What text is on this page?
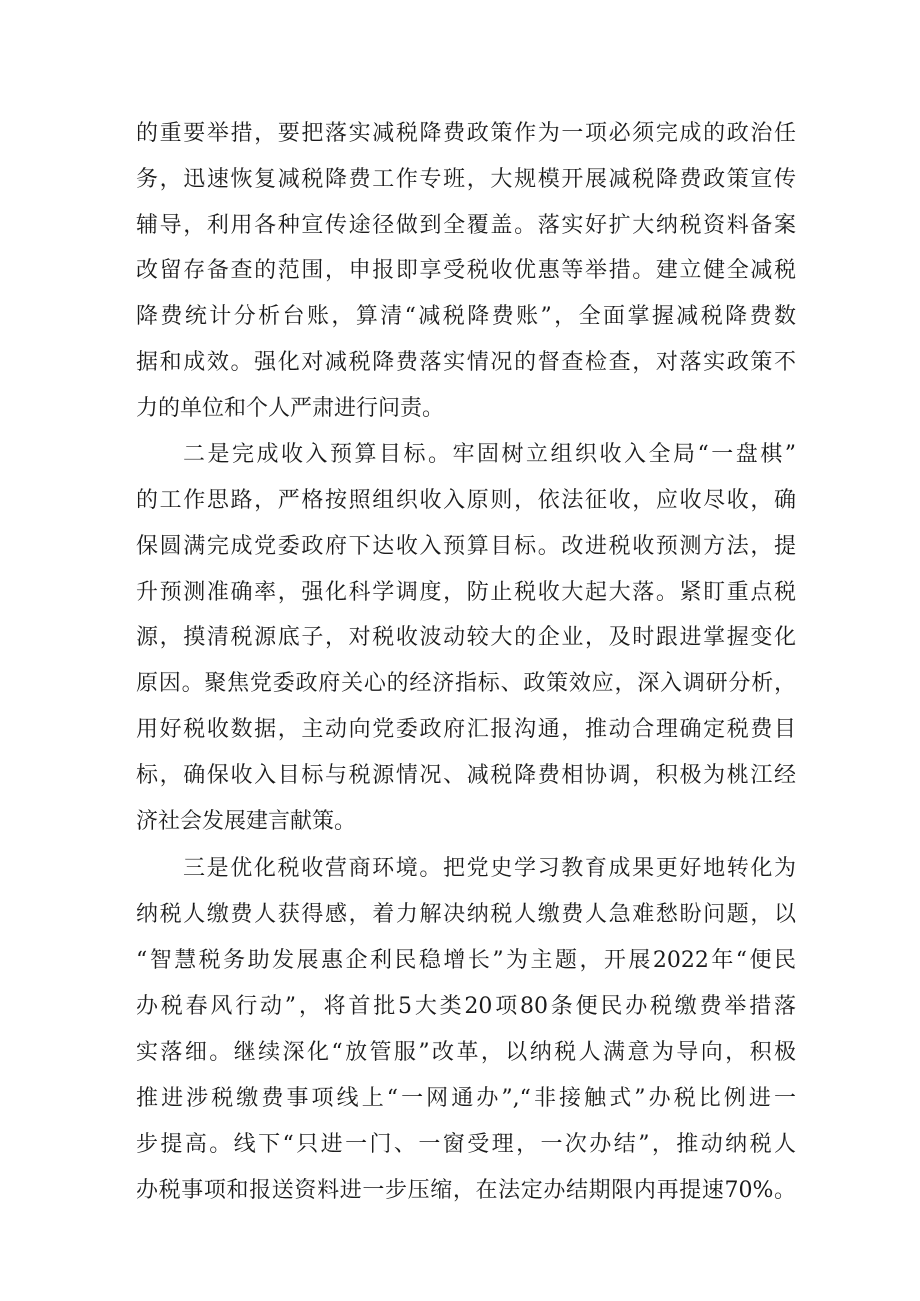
的重要举措，要把落实减税降费政策作为一项必须完成的政治任
务，迅速恢复减税降费工作专班，大规模开展减税降费政策宣传
辅导，利用各种宣传途径做到全覆盖。落实好扩大纳税资料备案
改留存备查的范围，申报即享受税收优惠等举措。建立健全减税
降费统计分析台账，算清“减税降费账”，全面掌握减税降费数
据和成效。强化对减税降费落实情况的督查检查，对落实政策不
力的单位和个人严肃进行问责。
二是完成收入预算目标。牢固树立组织收入全局“一盘棋”
的工作思路，严格按照组织收入原则，依法征收，应收尽收，确
保圆满完成党委政府下达收入预算目标。改进税收预测方法，提
升预测准确率，强化科学调度，防止税收大起大落。紧盯重点税
源，摸清税源底子，对税收波动较大的企业，及时跟进掌握变化
原因。聚焦党委政府关心的经济指标、政策效应，深入调研分析，
用好税收数据，主动向党委政府汇报沟通，推动合理确定税费目
标，确保收入目标与税源情况、减税降费相协调，积极为桃江经
济社会发展建言献策。
三是优化税收营商环境。把党史学习教育成果更好地转化为
纳税人缴费人获得感，着力解决纳税人缴费人急难愁盼问题，以
“智慧税务助发展惠企利民稳增长”为主题，开展2022年“便民
办税春风行动”，将首批5大类20项80条便民办税缴费举措落
实落细。继续深化“放管服”改革，以纳税人满意为导向，积极
推进涉税缴费事项线上“一网通办”,“非接触式”办税比例进一
步提高。线下“只进一门、一窗受理，一次办结”，推动纳税人
办税事项和报送资料进一步压缩，在法定办结期限内再提速70%。
